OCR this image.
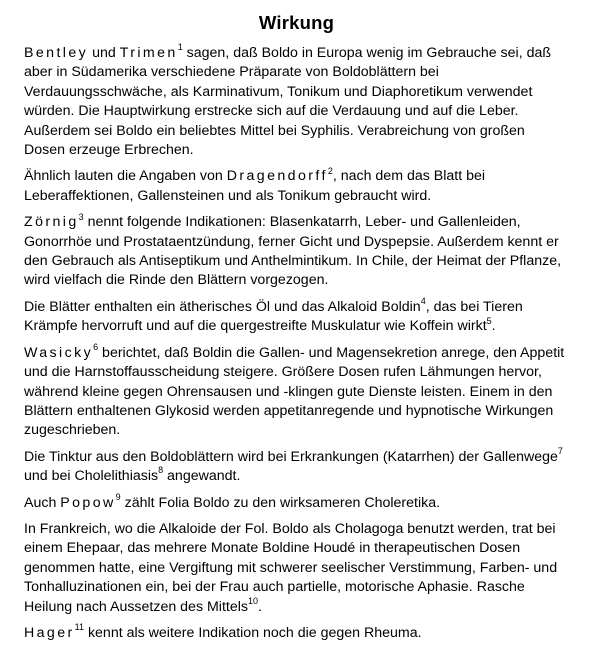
Wirkung

Bentley und Trimen$^1$ sagen, daß Boldo in Europa wenig im Gebrauche sei, daß aber in Südamerika verschiedene Präparate von Boldoblättern bei Verdauungsschwäche, als Karminativum, Tonikum und Diaphoretikum verwendet würden. Die Hauptwirkung erstrecke sich auf die Verdauung und auf die Leber. Außerdem sei Boldo ein beliebtes Mittel bei Syphilis. Verabreichung von großen Dosen erzeuge Erbrechen.

Ähnlich lauten die Angaben von Dragendorff$^2$, nach dem das Blatt bei Leberaffektionen, Gallensteinen und als Tonikum gebraucht wird.

Zörnig$^3$ nennt folgende Indikationen: Blasenkatarrh, Leber- und Gallenleiden, Gonorrhöe und Prostataentzündung, ferner Gicht und Dyspepsie. Außerdem kennt er den Gebrauch als Antiseptikum und Anthelmintikum. In Chile, der Heimat der Pflanze, wird vielfach die Rinde den Blättern vorgezogen.

Die Blätter enthalten ein ätherisches Öl und das Alkaloid Boldin$^4$, das bei Tieren Krämpfe hervorruft und auf die quergestreifte Muskulatur wie Koffein wirkt$^5$.

Wasicky$^6$ berichtet, daß Boldin die Gallen- und Magensekretion anrege, den Appetit und die Harnstoffausscheidung steigere. Größere Dosen rufen Lähmungen hervor, während kleine gegen Ohrensausen und -klingen gute Dienste leisten. Einem in den Blättern enthaltenen Glykosid werden appetitanregende und hypnotische Wirkungen zugeschrieben.

Die Tinktur aus den Boldoblättern wird bei Erkrankungen (Katarrhen) der Gallenwege$^7$ und bei Cholelithiasis$^8$ angewandt.

Auch Popow$^9$ zählt Folia Boldo zu den wirksameren Choleretika.

In Frankreich, wo die Alkaloide der Fol. Boldo als Cholagoga benutzt werden, trat bei einem Ehepaar, das mehrere Monate Boldine Houdé in therapeutischen Dosen genommen hatte, eine Vergiftung mit schwerer seelischer Verstimmung, Farben- und Tonhalluzinationen ein, bei der Frau auch partielle, motorische Aphasie. Rasche Heilung nach Aussetzen des Mittels$^{10}$.

Hager$^{11}$ kennt als weitere Indikation noch die gegen Rheuma.
